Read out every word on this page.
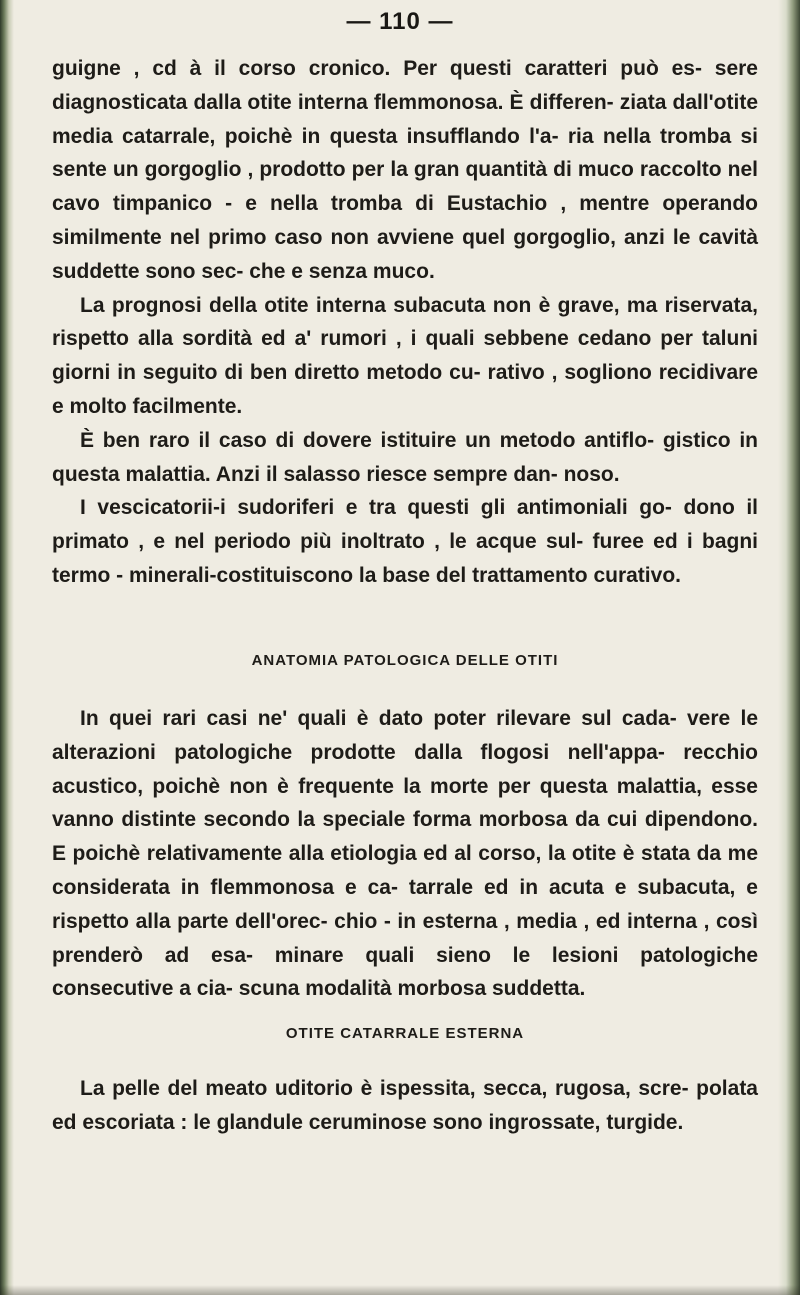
— 110 —

guigne , cd à il corso cronico. Per questi caratteri può es- sere diagnosticata dalla otite interna flemmonosa. È differen- ziata dall'otite media catarrale, poichè in questa insufflando l'a- ria nella tromba si sente un gorgoglio , prodotto per la gran quantità di muco raccolto nel cavo timpanico - e nella tromba di Eustachio , mentre operando similmente nel primo caso non avviene quel gorgoglio, anzi le cavità suddette sono sec- che e senza muco.

La prognosi della otite interna subacuta non è grave, ma riservata, rispetto alla sordità ed a' rumori , i quali sebbene cedano per taluni giorni in seguito di ben diretto metodo cu- rativo , sogliono recidivare e molto facilmente.

È ben raro il caso di dovere istituire un metodo antiflo- gistico in questa malattia. Anzi il salasso riesce sempre dan- noso.

I vescicatorii-i sudoriferi e tra questi gli antimoniali go- dono il primato , e nel periodo più inoltrato , le acque sul- furee ed i bagni termo - minerali-costituiscono la base del trattamento curativo.

ANATOMIA PATOLOGICA DELLE OTITI

In quei rari casi ne' quali è dato poter rilevare sul cada- vere le alterazioni patologiche prodotte dalla flogosi nell'appa- recchio acustico, poichè non è frequente la morte per questa malattia, esse vanno distinte secondo la speciale forma morbosa da cui dipendono. E poichè relativamente alla etiologia ed al corso, la otite è stata da me considerata in flemmonosa e ca- tarrale ed in acuta e subacuta, e rispetto alla parte dell'orec- chio - in esterna , media , ed interna , così prenderò ad esa- minare quali sieno le lesioni patologiche consecutive a cia- scuna modalità morbosa suddetta.

OTITE CATARRALE ESTERNA

La pelle del meato uditorio è ispessita, secca, rugosa, scre- polata ed escoriata : le glandule ceruminose sono ingrossate, turgide.
